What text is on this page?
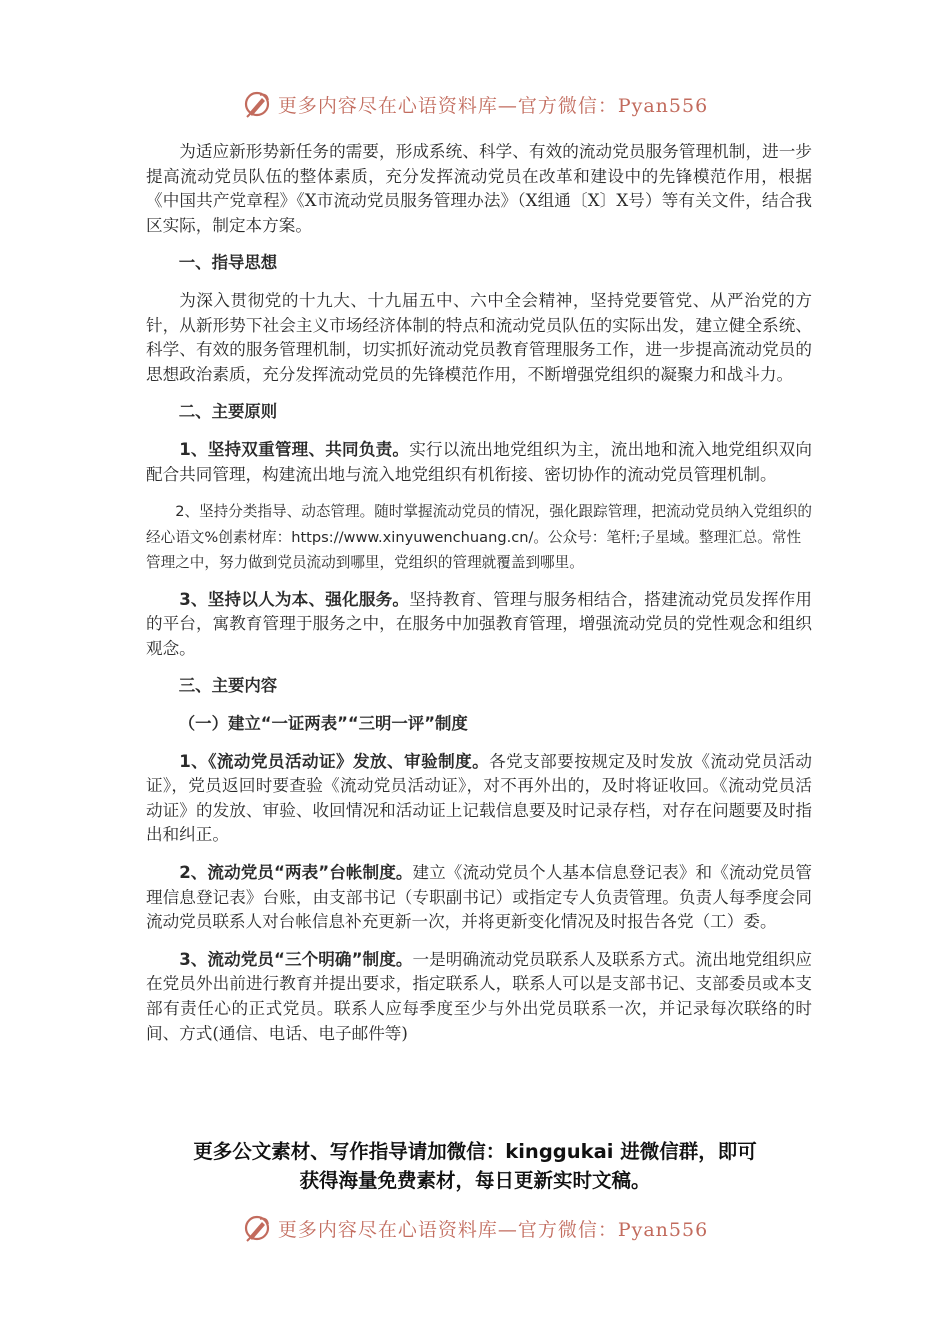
更多内容尽在心语资料库—官方微信：Pyan556

为适应新形势新任务的需要，形成系统、科学、有效的流动党员服务管理机制，进一步提高流动党员队伍的整体素质，充分发挥流动党员在改革和建设中的先锋模范作用，根据《中国共产党章程》《X市流动党员服务管理办法》（X组通〔X〕X号）等有关文件，结合我区实际，制定本方案。

一、指导思想

为深入贯彻党的十九大、十九届五中、六中全会精神，坚持党要管党、从严治党的方针，从新形势下社会主义市场经济体制的特点和流动党员队伍的实际出发，建立健全系统、科学、有效的服务管理机制，切实抓好流动党员教育管理服务工作，进一步提高流动党员的思想政治素质，充分发挥流动党员的先锋模范作用，不断增强党组织的凝聚力和战斗力。

二、主要原则

1、坚持双重管理、共同负责。实行以流出地党组织为主，流出地和流入地党组织双向配合共同管理，构建流出地与流入地党组织有机衔接、密切协作的流动党员管理机制。

2、坚持分类指导、动态管理。随时掌握流动党员的情况，强化跟踪管理，把流动党员纳入党组织的经心语文%创素材库：https://www.xinyuwenchuang.cn/。公众号：笔杆;子星域。整理汇总。常性管理之中，努力做到党员流动到哪里，党组织的管理就覆盖到哪里。

3、坚持以人为本、强化服务。坚持教育、管理与服务相结合，搭建流动党员发挥作用的平台，寓教育管理于服务之中，在服务中加强教育管理，增强流动党员的党性观念和组织观念。

三、主要内容

（一）建立“一证两表”“三明一评”制度

1、《流动党员活动证》发放、审验制度。各党支部要按规定及时发放《流动党员活动证》，党员返回时要查验《流动党员活动证》，对不再外出的，及时将证收回。《流动党员活动证》的发放、审验、收回情况和活动证上记载信息要及时记录存档，对存在问题要及时指出和纠正。

2、流动党员“两表”台帐制度。建立《流动党员个人基本信息登记表》和《流动党员管理信息登记表》台账，由支部书记（专职副书记）或指定专人负责管理。负责人每季度会同流动党员联系人对台帐信息补充更新一次，并将更新变化情况及时报告各党（工）委。

3、流动党员“三个明确”制度。一是明确流动党员联系人及联系方式。流出地党组织应在党员外出前进行教育并提出要求，指定联系人，联系人可以是支部书记、支部委员或本支部有责任心的正式党员。联系人应每季度至少与外出党员联系一次，并记录每次联络的时间、方式(通信、电话、电子邮件等)

更多公文素材、写作指导请加微信：kinggukai 进微信群，即可
获得海量免费素材，每日更新实时文稿。
更多内容尽在心语资料库—官方微信：Pyan556
